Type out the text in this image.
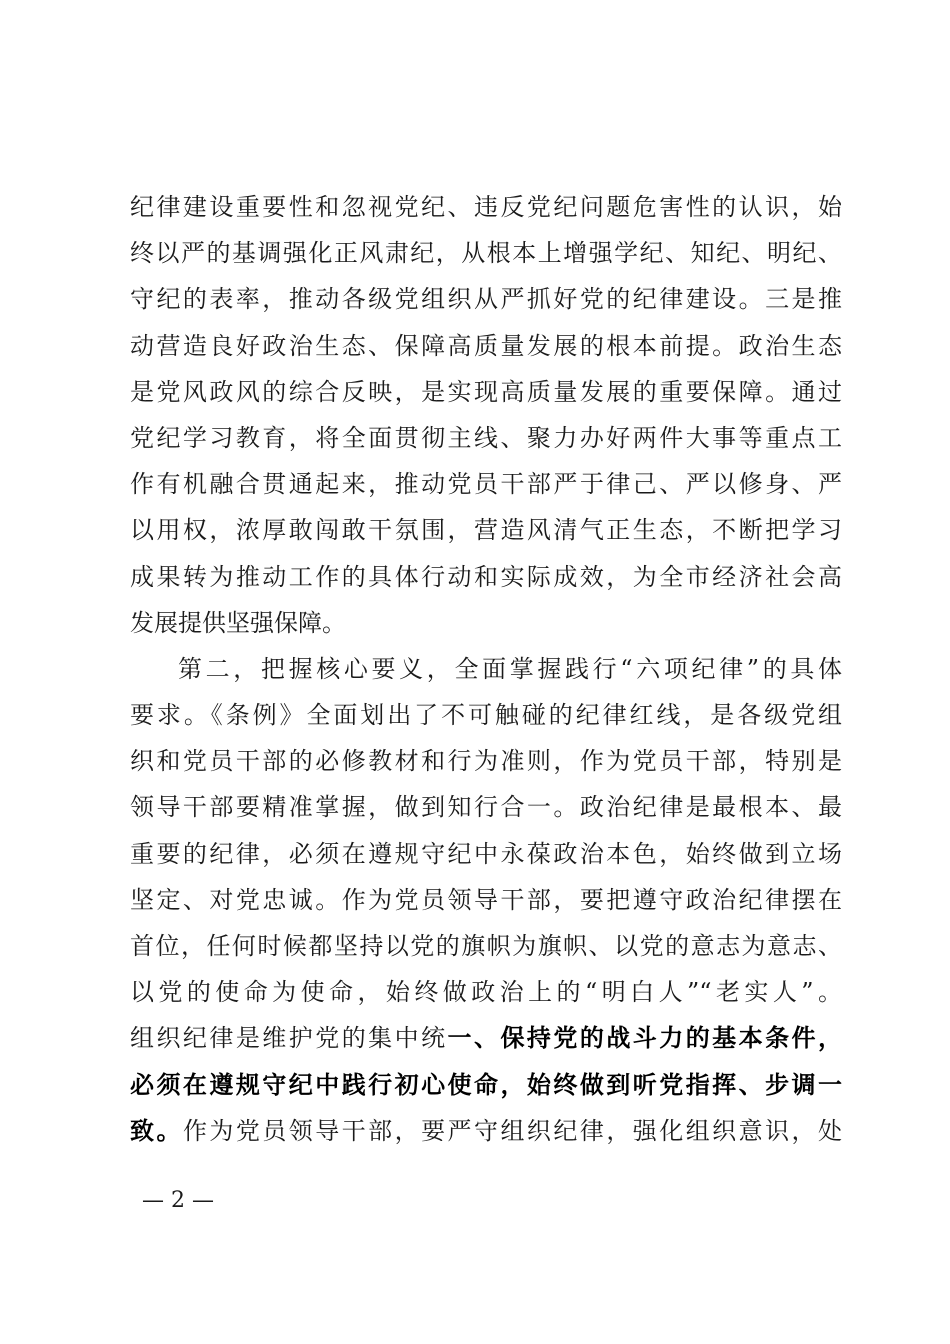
纪律建设重要性和忽视党纪、违反党纪问题危害性的认识，始
终以严的基调强化正风肃纪，从根本上增强学纪、知纪、明纪、
守纪的表率，推动各级党组织从严抓好党的纪律建设。三是推
动营造良好政治生态、保障高质量发展的根本前提。政治生态
是党风政风的综合反映，是实现高质量发展的重要保障。通过
党纪学习教育，将全面贯彻主线、聚力办好两件大事等重点工
作有机融合贯通起来，推动党员干部严于律己、严以修身、严
以用权，浓厚敢闯敢干氛围，营造风清气正生态，不断把学习
成果转为推动工作的具体行动和实际成效，为全市经济社会高
发展提供坚强保障。
第二，把握核心要义，全面掌握践行“六项纪律”的具体
要求。《条例》全面划出了不可触碰的纪律红线，是各级党组
织和党员干部的必修教材和行为准则，作为党员干部，特别是
领导干部要精准掌握，做到知行合一。政治纪律是最根本、最
重要的纪律，必须在遵规守纪中永葆政治本色，始终做到立场
坚定、对党忠诚。作为党员领导干部，要把遵守政治纪律摆在
首位，任何时候都坚持以党的旗帜为旗帜、以党的意志为意志、
以党的使命为使命，始终做政治上的“明白人”“老实人”。
组织纪律是维护党的集中统一、保持党的战斗力的基本条件，
必须在遵规守纪中践行初心使命，始终做到听党指挥、步调一
致。作为党员领导干部，要严守组织纪律，强化组织意识，处
— 2 —
